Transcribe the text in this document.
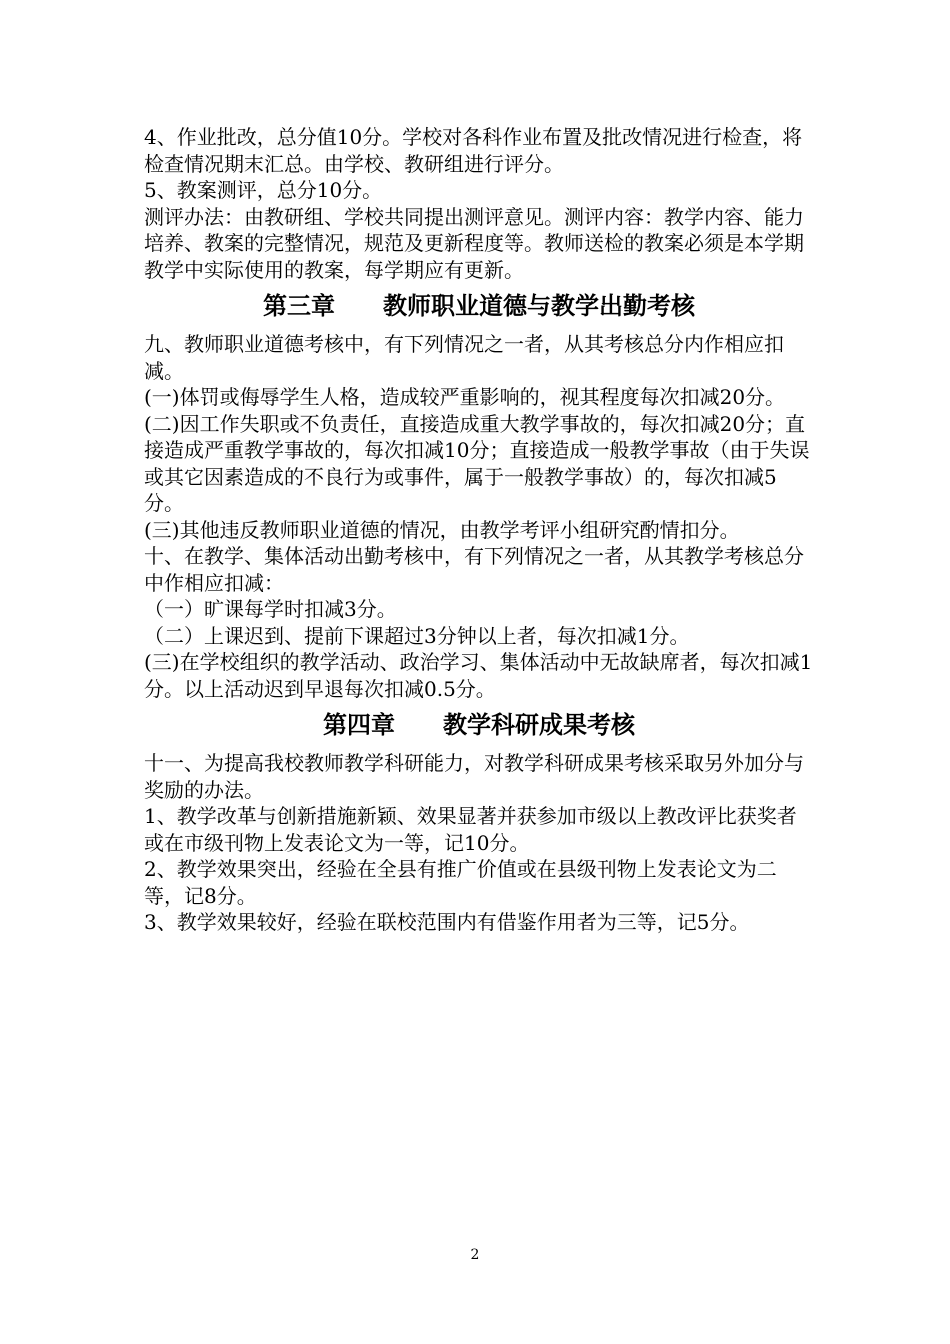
4、作业批改，总分值10分。学校对各科作业布置及批改情况进行检查，将检查情况期末汇总。由学校、教研组进行评分。

5、教案测评，总分10分。

测评办法：由教研组、学校共同提出测评意见。测评内容：教学内容、能力培养、教案的完整情况，规范及更新程度等。教师送检的教案必须是本学期教学中实际使用的教案，每学期应有更新。

第三章　　教师职业道德与教学出勤考核

九、教师职业道德考核中，有下列情况之一者，从其考核总分内作相应扣减。

(一)体罚或侮辱学生人格，造成较严重影响的，视其程度每次扣减20分。

(二)因工作失职或不负责任，直接造成重大教学事故的，每次扣减20分；直接造成严重教学事故的，每次扣减10分；直接造成一般教学事故（由于失误或其它因素造成的不良行为或事件，属于一般教学事故）的，每次扣减5分。

(三)其他违反教师职业道德的情况，由教学考评小组研究酌情扣分。

十、在教学、集体活动出勤考核中，有下列情况之一者，从其教学考核总分中作相应扣减：

（一）旷课每学时扣减3分。

（二）上课迟到、提前下课超过3分钟以上者，每次扣减1分。

(三)在学校组织的教学活动、政治学习、集体活动中无故缺席者，每次扣减1分。以上活动迟到早退每次扣减0.5分。

第四章　　教学科研成果考核

十一、为提高我校教师教学科研能力，对教学科研成果考核采取另外加分与奖励的办法。

1、教学改革与创新措施新颖、效果显著并获参加市级以上教改评比获奖者或在市级刊物上发表论文为一等，记10分。

2、教学效果突出，经验在全县有推广价值或在县级刊物上发表论文为二等，记8分。

3、教学效果较好，经验在联校范围内有借鉴作用者为三等，记5分。

2
